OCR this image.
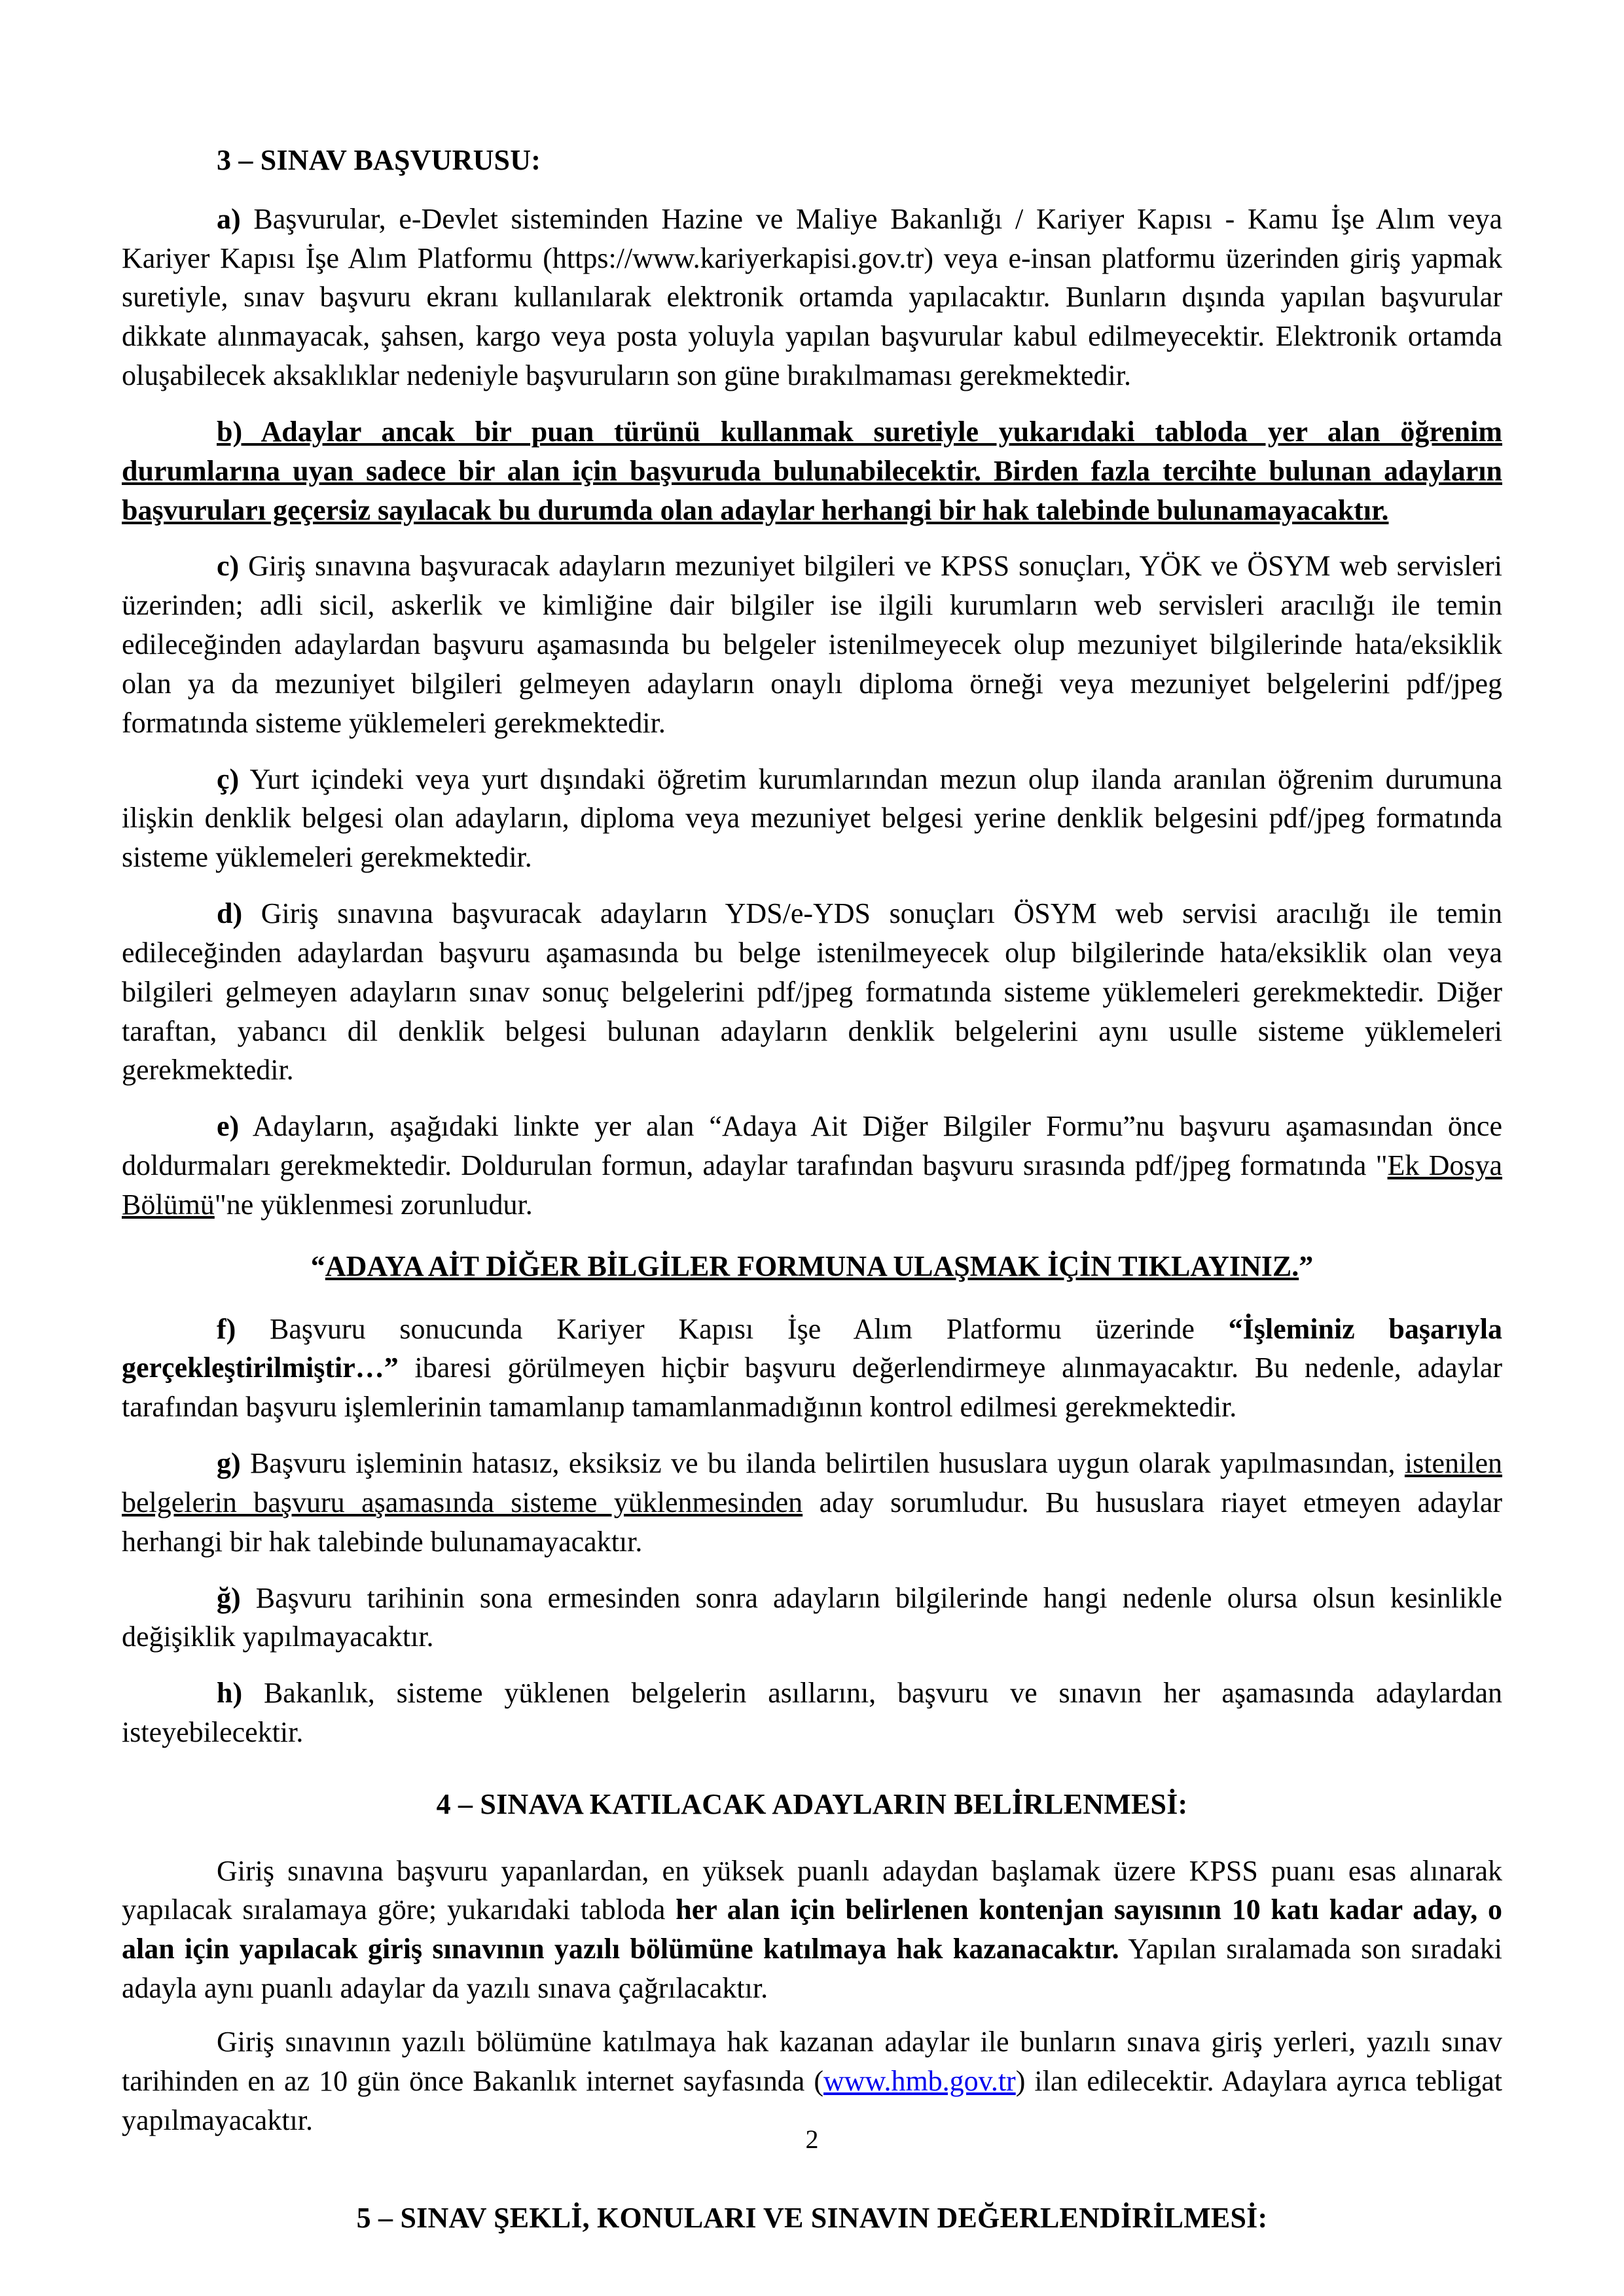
3 – SINAV BAŞVURUSU:

a) Başvurular, e-Devlet sisteminden Hazine ve Maliye Bakanlığı / Kariyer Kapısı - Kamu İşe Alım veya Kariyer Kapısı İşe Alım Platformu (https://www.kariyerkapisi.gov.tr) veya e-insan platformu üzerinden giriş yapmak suretiyle, sınav başvuru ekranı kullanılarak elektronik ortamda yapılacaktır. Bunların dışında yapılan başvurular dikkate alınmayacak, şahsen, kargo veya posta yoluyla yapılan başvurular kabul edilmeyecektir. Elektronik ortamda oluşabilecek aksaklıklar nedeniyle başvuruların son güne bırakılmaması gerekmektedir.

b) Adaylar ancak bir puan türünü kullanmak suretiyle yukarıdaki tabloda yer alan öğrenim durumlarına uyan sadece bir alan için başvuruda bulunabilecektir. Birden fazla tercihte bulunan adayların başvuruları geçersiz sayılacak bu durumda olan adaylar herhangi bir hak talebinde bulunamayacaktır.

c) Giriş sınavına başvuracak adayların mezuniyet bilgileri ve KPSS sonuçları, YÖK ve ÖSYM web servisleri üzerinden; adli sicil, askerlik ve kimliğine dair bilgiler ise ilgili kurumların web servisleri aracılığı ile temin edileceğinden adaylardan başvuru aşamasında bu belgeler istenilmeyecek olup mezuniyet bilgilerinde hata/eksiklik olan ya da mezuniyet bilgileri gelmeyen adayların onaylı diploma örneği veya mezuniyet belgelerini pdf/jpeg formatında sisteme yüklemeleri gerekmektedir.

ç) Yurt içindeki veya yurt dışındaki öğretim kurumlarından mezun olup ilanda aranılan öğrenim durumuna ilişkin denklik belgesi olan adayların, diploma veya mezuniyet belgesi yerine denklik belgesini pdf/jpeg formatında sisteme yüklemeleri gerekmektedir.

d) Giriş sınavına başvuracak adayların YDS/e-YDS sonuçları ÖSYM web servisi aracılığı ile temin edileceğinden adaylardan başvuru aşamasında bu belge istenilmeyecek olup bilgilerinde hata/eksiklik olan veya bilgileri gelmeyen adayların sınav sonuç belgelerini pdf/jpeg formatında sisteme yüklemeleri gerekmektedir. Diğer taraftan, yabancı dil denklik belgesi bulunan adayların denklik belgelerini aynı usulle sisteme yüklemeleri gerekmektedir.

e) Adayların, aşağıdaki linkte yer alan “Adaya Ait Diğer Bilgiler Formu”nu başvuru aşamasından önce doldurmaları gerekmektedir. Doldurulan formun, adaylar tarafından başvuru sırasında pdf/jpeg formatında "Ek Dosya Bölümü"ne yüklenmesi zorunludur.

“ADAYA AİT DİĞER BİLGİLER FORMUNA ULAŞMAK İÇİN TIKLAYINIZ.”

f) Başvuru sonucunda Kariyer Kapısı İşe Alım Platformu üzerinde “İşleminiz başarıyla gerçekleştirilmiştir…” ibaresi görülmeyen hiçbir başvuru değerlendirmeye alınmayacaktır. Bu nedenle, adaylar tarafından başvuru işlemlerinin tamamlanıp tamamlanmadığının kontrol edilmesi gerekmektedir.

g) Başvuru işleminin hatasız, eksiksiz ve bu ilanda belirtilen hususlara uygun olarak yapılmasından, istenilen belgelerin başvuru aşamasında sisteme yüklenmesinden aday sorumludur. Bu hususlara riayet etmeyen adaylar herhangi bir hak talebinde bulunamayacaktır.

ğ) Başvuru tarihinin sona ermesinden sonra adayların bilgilerinde hangi nedenle olursa olsun kesinlikle değişiklik yapılmayacaktır.

h) Bakanlık, sisteme yüklenen belgelerin asıllarını, başvuru ve sınavın her aşamasında adaylardan isteyebilecektir.

4 – SINAVA KATILACAK ADAYLARIN BELİRLENMESİ:

Giriş sınavına başvuru yapanlardan, en yüksek puanlı adaydan başlamak üzere KPSS puanı esas alınarak yapılacak sıralamaya göre; yukarıdaki tabloda her alan için belirlenen kontenjan sayısının 10 katı kadar aday, o alan için yapılacak giriş sınavının yazılı bölümüne katılmaya hak kazanacaktır. Yapılan sıralamada son sıradaki adayla aynı puanlı adaylar da yazılı sınava çağrılacaktır.

Giriş sınavının yazılı bölümüne katılmaya hak kazanan adaylar ile bunların sınava giriş yerleri, yazılı sınav tarihinden en az 10 gün önce Bakanlık internet sayfasında (www.hmb.gov.tr) ilan edilecektir. Adaylara ayrıca tebligat yapılmayacaktır.

5 – SINAV ŞEKLİ, KONULARI VE SINAVIN DEĞERLENDİRİLMESİ:
2
